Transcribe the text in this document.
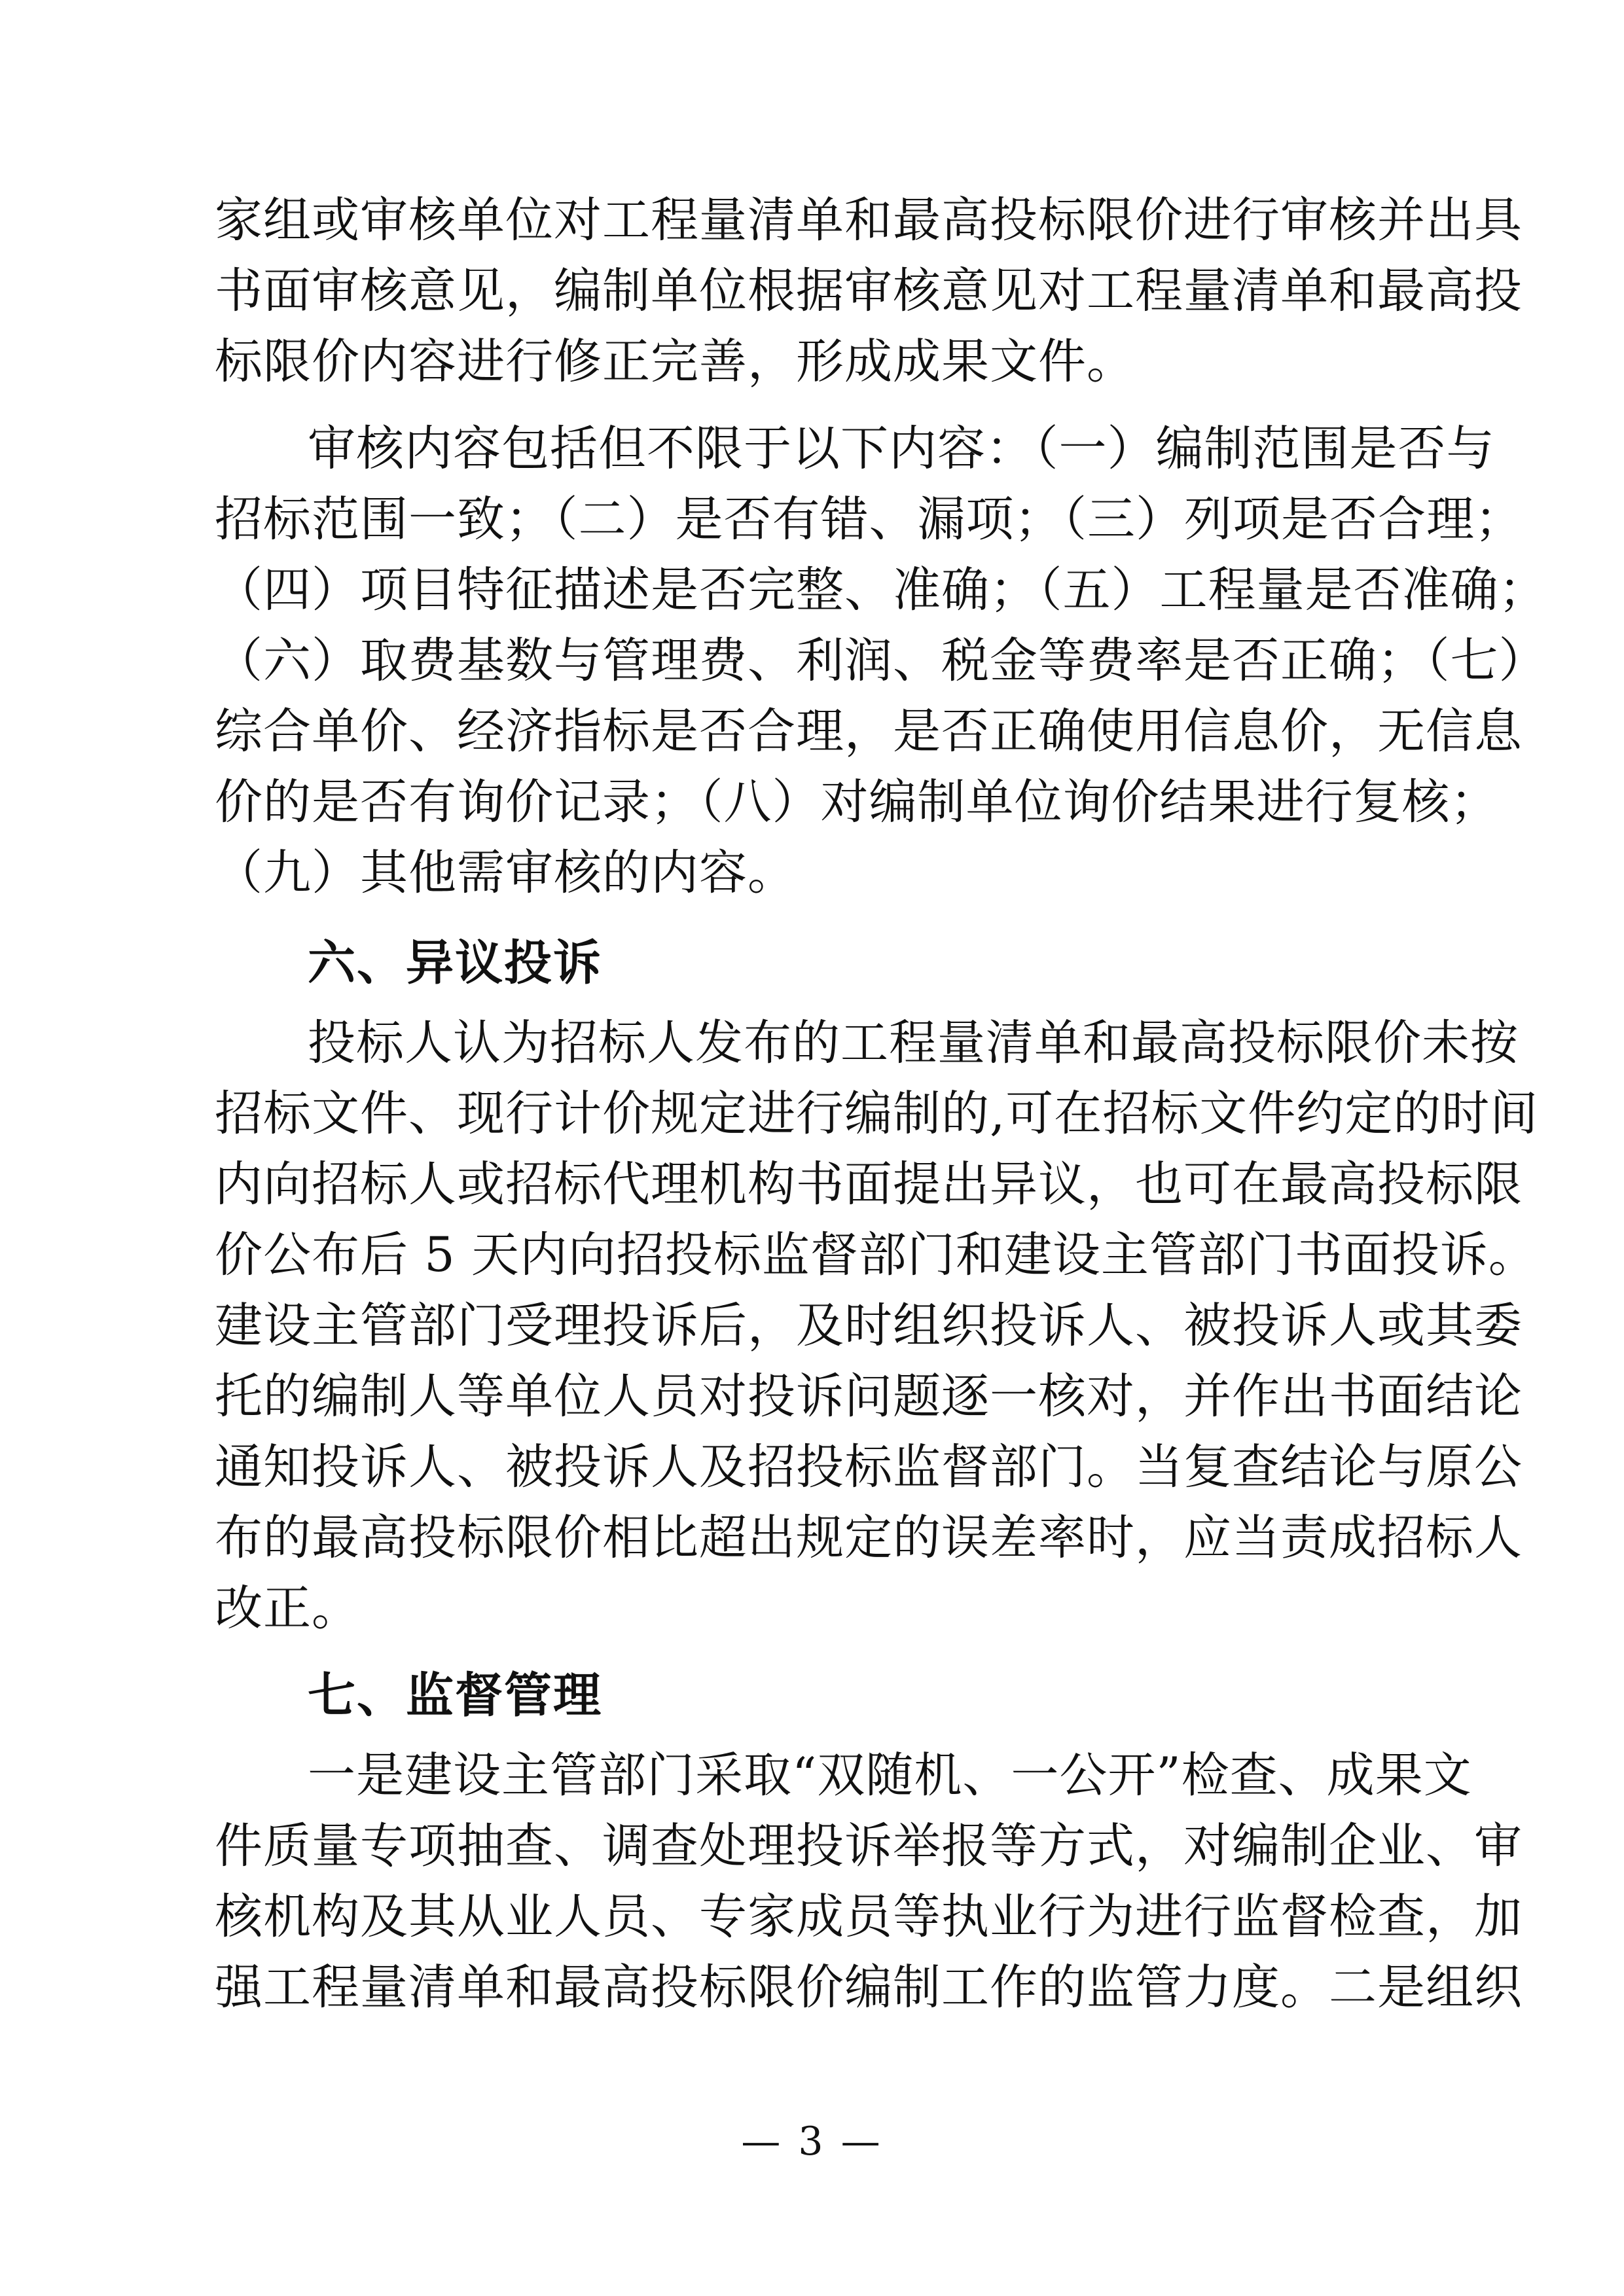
家组或审核单位对工程量清单和最高投标限价进行审核并出具
书面审核意见，编制单位根据审核意见对工程量清单和最高投
标限价内容进行修正完善，形成成果文件。
审核内容包括但不限于以下内容：（一）编制范围是否与
招标范围一致；（二）是否有错、漏项；（三）列项是否合理；
（四）项目特征描述是否完整、准确；（五）工程量是否准确；
（六）取费基数与管理费、利润、税金等费率是否正确；（七）
综合单价、经济指标是否合理，是否正确使用信息价，无信息
价的是否有询价记录；（八）对编制单位询价结果进行复核；
（九）其他需审核的内容。
六、异议投诉
投标人认为招标人发布的工程量清单和最高投标限价未按
招标文件、现行计价规定进行编制的,可在招标文件约定的时间
内向招标人或招标代理机构书面提出异议，也可在最高投标限
价公布后 5 天内向招投标监督部门和建设主管部门书面投诉。
建设主管部门受理投诉后，及时组织投诉人、被投诉人或其委
托的编制人等单位人员对投诉问题逐一核对，并作出书面结论
通知投诉人、被投诉人及招投标监督部门。当复查结论与原公
布的最高投标限价相比超出规定的误差率时，应当责成招标人
改正。
七、监督管理
一是建设主管部门采取“双随机、一公开”检查、成果文
件质量专项抽查、调查处理投诉举报等方式，对编制企业、审
核机构及其从业人员、专家成员等执业行为进行监督检查，加
强工程量清单和最高投标限价编制工作的监管力度。二是组织
— 3 —
